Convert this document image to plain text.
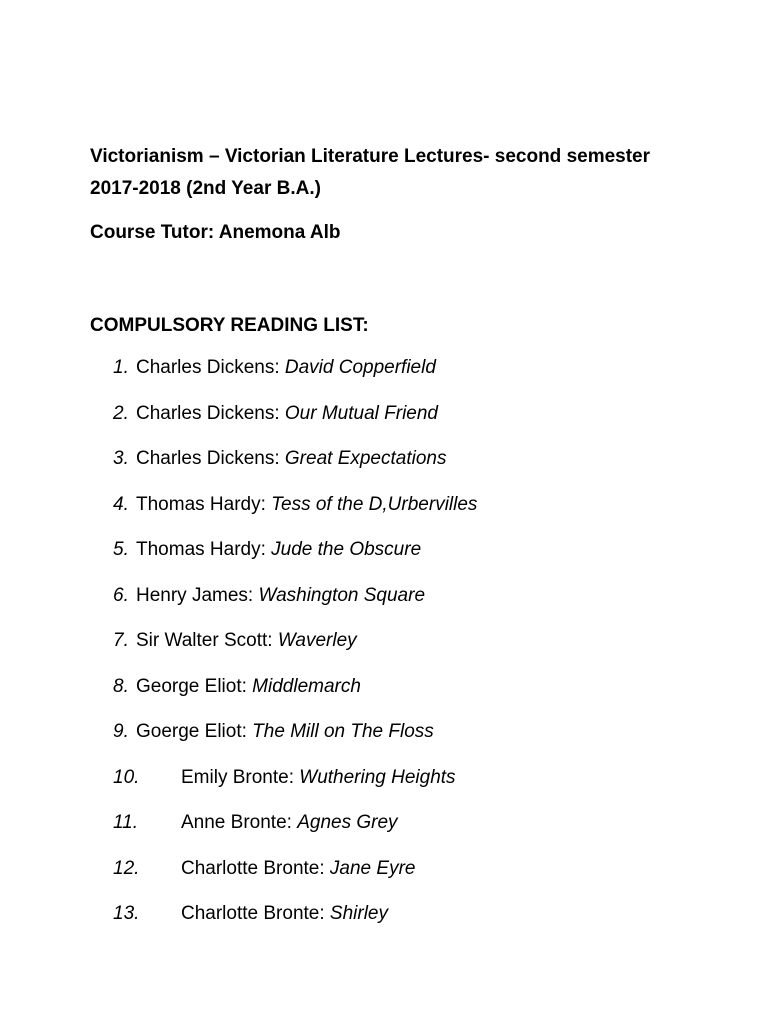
Victorianism – Victorian Literature Lectures- second semester
2017-2018 (2nd Year B.A.)
Course Tutor: Anemona Alb
COMPULSORY READING LIST:
1. Charles Dickens: David Copperfield
2. Charles Dickens: Our Mutual Friend
3. Charles Dickens: Great Expectations
4. Thomas Hardy: Tess of the D,Urbervilles
5. Thomas Hardy: Jude the Obscure
6. Henry James: Washington Square
7. Sir Walter Scott: Waverley
8. George Eliot: Middlemarch
9. Goerge Eliot: The Mill on The Floss
10. Emily Bronte: Wuthering Heights
11. Anne Bronte: Agnes Grey
12. Charlotte Bronte: Jane Eyre
13. Charlotte Bronte: Shirley
